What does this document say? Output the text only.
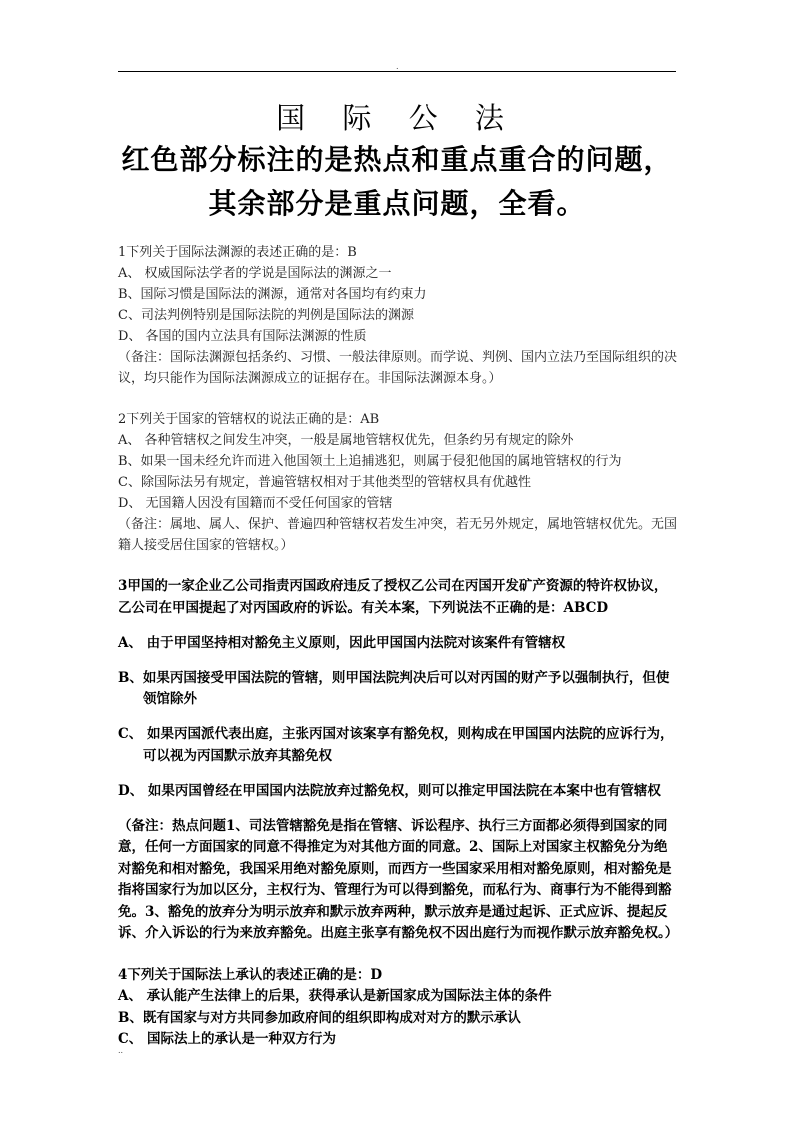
.
国 际 公 法

红色部分标注的是热点和重点重合的问题，

其余部分是重点问题，全看。

1下列关于国际法渊源的表述正确的是：B

A、 权威国际法学者的学说是国际法的渊源之一

B、国际习惯是国际法的渊源，通常对各国均有约束力

C、司法判例特别是国际法院的判例是国际法的渊源

D、 各国的国内立法具有国际法渊源的性质

（备注：国际法渊源包括条约、习惯、一般法律原则。而学说、判例、国内立法乃至国际组织的决议，均只能作为国际法渊源成立的证据存在。非国际法渊源本身。）

2下列关于国家的管辖权的说法正确的是：AB

A、 各种管辖权之间发生冲突，一般是属地管辖权优先，但条约另有规定的除外

B、如果一国未经允许而进入他国领土上追捕逃犯，则属于侵犯他国的属地管辖权的行为

C、除国际法另有规定，普遍管辖权相对于其他类型的管辖权具有优越性

D、 无国籍人因没有国籍而不受任何国家的管辖

（备注：属地、属人、保护、普遍四种管辖权若发生冲突，若无另外规定，属地管辖权优先。无国籍人接受居住国家的管辖权。）

3甲国的一家企业乙公司指责丙国政府违反了授权乙公司在丙国开发矿产资源的特许权协议，乙公司在甲国提起了对丙国政府的诉讼。有关本案，下列说法不正确的是：ABCD

A、 由于甲国坚持相对豁免主义原则，因此甲国国内法院对该案件有管辖权

B、如果丙国接受甲国法院的管辖，则甲国法院判决后可以对丙国的财产予以强制执行，但使领馆除外

C、 如果丙国派代表出庭，主张丙国对该案享有豁免权，则构成在甲国国内法院的应诉行为，可以视为丙国默示放弃其豁免权

D、 如果丙国曾经在甲国国内法院放弃过豁免权，则可以推定甲国法院在本案中也有管辖权

（备注：热点问题1、司法管辖豁免是指在管辖、诉讼程序、执行三方面都必须得到国家的同意，任何一方面国家的同意不得推定为对其他方面的同意。2、国际上对国家主权豁免分为绝对豁免和相对豁免，我国采用绝对豁免原则，而西方一些国家采用相对豁免原则，相对豁免是指将国家行为加以区分，主权行为、管理行为可以得到豁免，而私行为、商事行为不能得到豁免。3、豁免的放弃分为明示放弃和默示放弃两种，默示放弃是通过起诉、正式应诉、提起反诉、介入诉讼的行为来放弃豁免。出庭主张享有豁免权不因出庭行为而视作默示放弃豁免权。）

4下列关于国际法上承认的表述正确的是：D

A、 承认能产生法律上的后果，获得承认是新国家成为国际法主体的条件

B、既有国家与对方共同参加政府间的组织即构成对对方的默示承认

C、 国际法上的承认是一种双方行为

..
